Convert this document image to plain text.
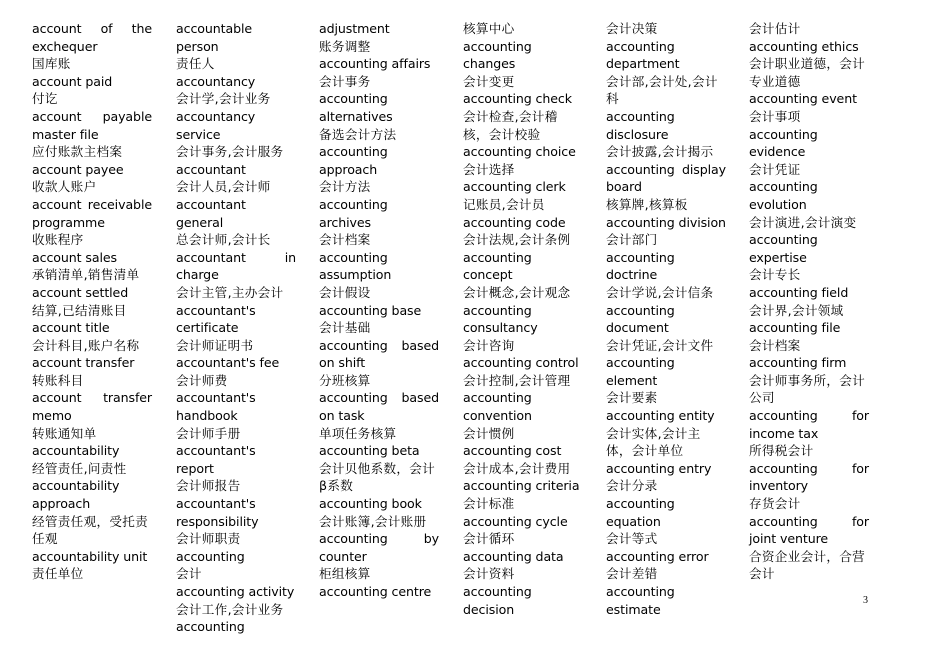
account of the exchequer
国库账
account paid
付讫
account payable master file
应付账款主档案
account payee
收款人账户
account receivable programme
收账程序
account sales
承销清单,销售清单
account settled
结算,已结清账目
account title
会计科目,账户名称
account transfer
转账科目
account transfer memo
转账通知单
accountability
经管责任,问责性
accountability approach
经管责任观，受托责任观
accountability unit
责任单位
accountable person
责任人
accountancy
会计学,会计业务
accountancy service
会计事务,会计服务
accountant
会计人员,会计师
accountant general
总会计师,会计长
accountant in charge
会计主管,主办会计
accountant's certificate
会计师证明书
accountant's fee
会计师费
accountant's handbook
会计师手册
accountant's report
会计师报告
accountant's responsibility
会计师职责
accounting
会计
accounting activity
会计工作,会计业务
accounting
adjustment
账务调整
accounting affairs
会计事务
accounting alternatives
备选会计方法
accounting approach
会计方法
accounting archives
会计档案
accounting assumption
会计假设
accounting base
会计基础
accounting based on shift
分班核算
accounting based on task
单项任务核算
accounting beta
会计贝他系数，会计β系数
accounting book
会计账簿,会计账册
accounting by counter
柜组核算
accounting centre
核算中心
accounting changes
会计变更
accounting check
会计检查,会计稽核，会计校验
accounting choice
会计选择
accounting clerk
记账员,会计员
accounting code
会计法规,会计条例
accounting concept
会计概念,会计观念
accounting consultancy
会计咨询
accounting control
会计控制,会计管理
accounting convention
会计惯例
accounting cost
会计成本,会计费用
accounting criteria
会计标准
accounting cycle
会计循环
accounting data
会计资料
accounting decision
会计决策
accounting department
会计部,会计处,会计科
accounting disclosure
会计披露,会计揭示
accounting display board
核算牌,核算板
accounting division
会计部门
accounting doctrine
会计学说,会计信条
accounting document
会计凭证,会计文件
accounting element
会计要素
accounting entity
会计实体,会计主体，会计单位
accounting entry
会计分录
accounting equation
会计等式
accounting error
会计差错
accounting estimate
会计估计
accounting ethics
会计职业道德，会计专业道德
accounting event
会计事项
accounting evidence
会计凭证
accounting evolution
会计演进,会计演变
accounting expertise
会计专长
accounting field
会计界,会计领域
accounting file
会计档案
accounting firm
会计师事务所，会计公司
accounting for income tax
所得税会计
accounting for inventory
存货会计
accounting for joint venture
合资企业会计，合营会计
3
